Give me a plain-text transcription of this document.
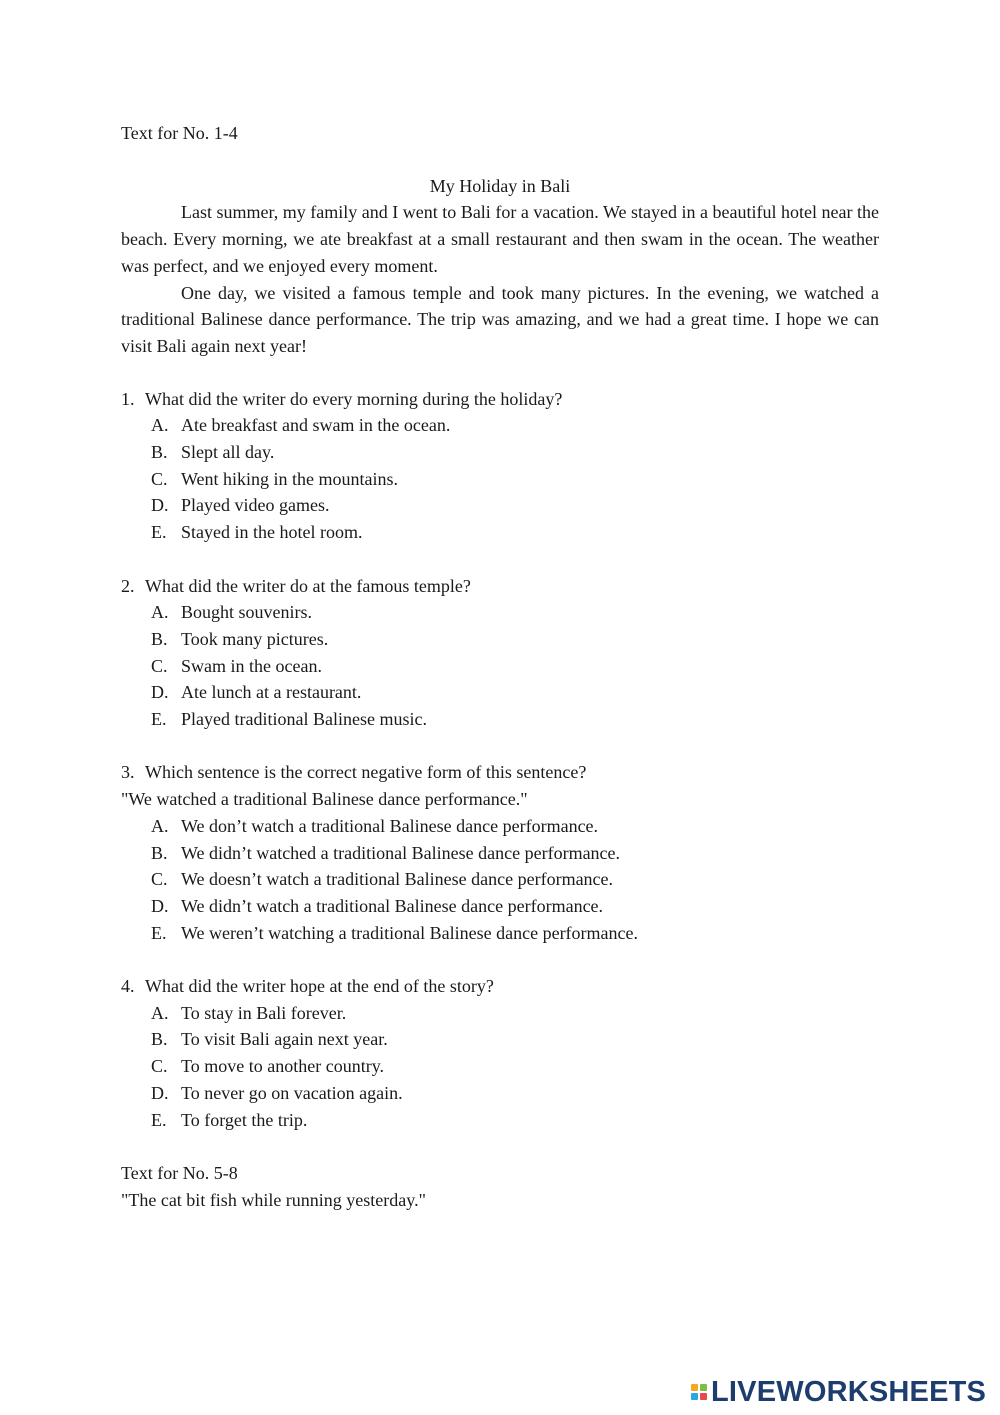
Text for No. 1-4
My Holiday in Bali

Last summer, my family and I went to Bali for a vacation. We stayed in a beautiful hotel near the beach. Every morning, we ate breakfast at a small restaurant and then swam in the ocean. The weather was perfect, and we enjoyed every moment.

One day, we visited a famous temple and took many pictures. In the evening, we watched a traditional Balinese dance performance. The trip was amazing, and we had a great time. I hope we can visit Bali again next year!

1. What did the writer do every morning during the holiday?
A. Ate breakfast and swam in the ocean.
B. Slept all day.
C. Went hiking in the mountains.
D. Played video games.
E. Stayed in the hotel room.
2. What did the writer do at the famous temple?
A. Bought souvenirs.
B. Took many pictures.
C. Swam in the ocean.
D. Ate lunch at a restaurant.
E. Played traditional Balinese music.
3. Which sentence is the correct negative form of this sentence?
"We watched a traditional Balinese dance performance."
A. We don’t watch a traditional Balinese dance performance.
B. We didn’t watched a traditional Balinese dance performance.
C. We doesn’t watch a traditional Balinese dance performance.
D. We didn’t watch a traditional Balinese dance performance.
E. We weren’t watching a traditional Balinese dance performance.
4. What did the writer hope at the end of the story?
A. To stay in Bali forever.
B. To visit Bali again next year.
C. To move to another country.
D. To never go on vacation again.
E. To forget the trip.
Text for No. 5-8
"The cat bit fish while running yesterday."
LIVEWORKSHEETS
